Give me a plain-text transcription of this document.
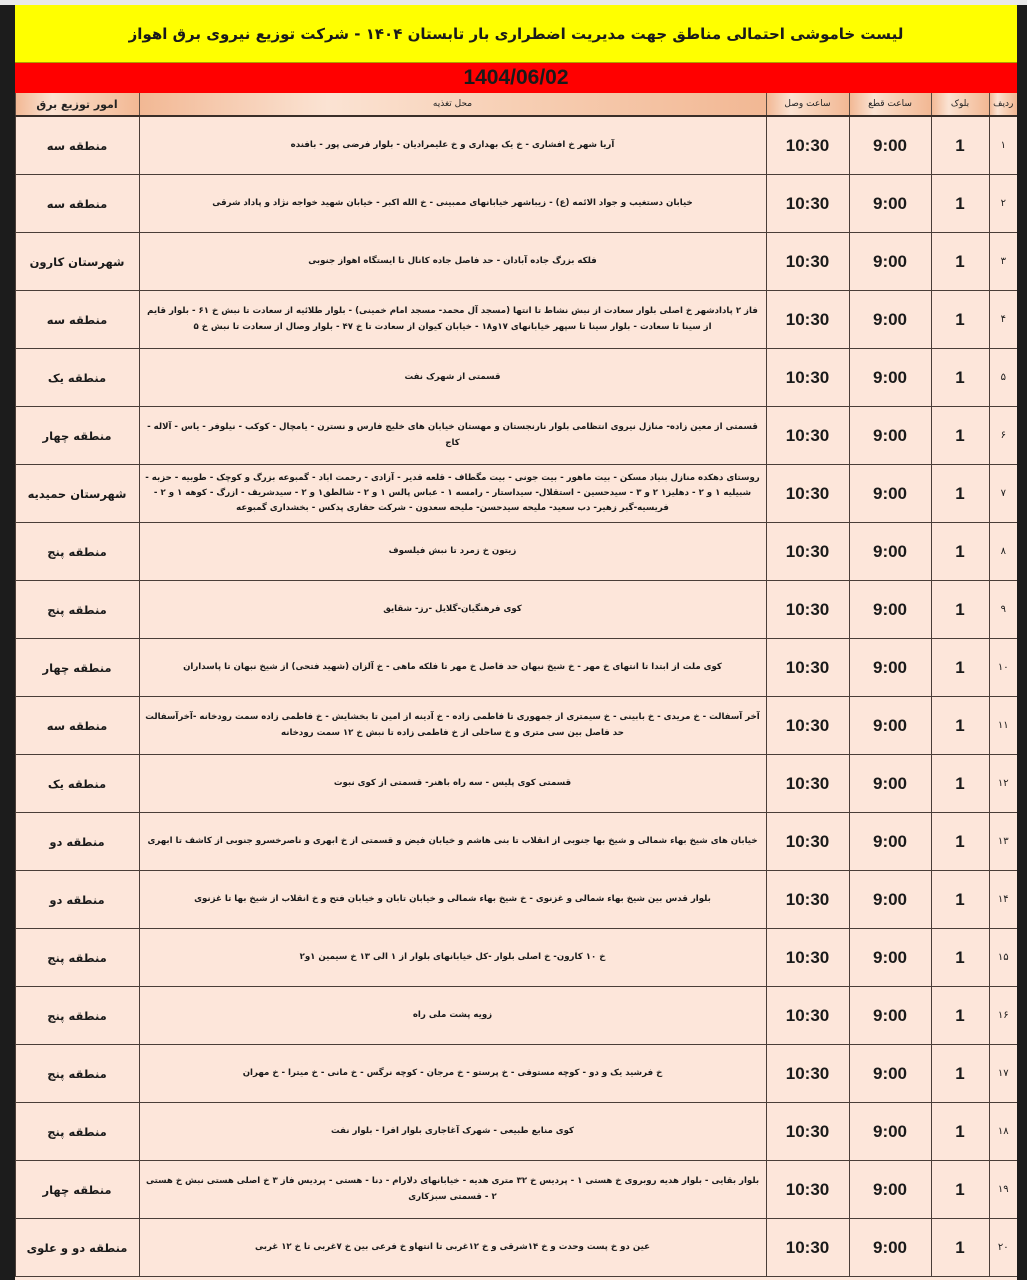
لیست خاموشی احتمالی مناطق جهت مدیریت اضطراری بار تابستان ۱۴۰۴ - شرکت توزیع نیروی برق اهواز
1404/06/02
ردیف	بلوک	ساعت قطع	ساعت وصل	محل تغذیه	امور توزیع برق
۱	1	9:00	10:30	آریا شهر خ افشاری - خ یک بهداری و خ علیمرادیان - بلوار فرضی پور - بافنده	منطقه سه
۲	1	9:00	10:30	خیابان دستغیب و جواد الائمه (ع) - زیباشهر خیابانهای ممبینی - خ الله اکبر - خیابان شهید خواجه نژاد و پاداد شرقی	منطقه سه
۳	1	9:00	10:30	فلکه بزرگ جاده آبادان - حد فاصل جاده کانال تا ایستگاه اهواز جنوبی	شهرستان کارون
۴	1	9:00	10:30	فاز ۲ پادادشهر خ اصلی بلوار سعادت از نبش نشاط تا انتها (مسجد آل محمد- مسجد امام خمینی) - بلوار طلائیه از سعادت تا نبش خ ۶۱ - بلوار قایم از سینا تا سعادت - بلوار سینا تا سپهر خیابانهای ۱۷و۱۸ - خیابان کیوان از سعادت تا خ ۴۷ - بلوار وصال از سعادت تا نبش خ ۵	منطقه سه
۵	1	9:00	10:30	قسمتی از شهرک نفت	منطقه یک
۶	1	9:00	10:30	قسمتی از معین زاده- منازل نیروی انتظامی بلوار نارنجستان و مهستان خیابان های خلیج فارس و نسترن - یامچال - کوکب - نیلوفر - یاس - آلاله - کاج	منطقه چهار
۷	1	9:00	10:30	روستای دهکده منازل بنیاد مسکن - بیت ماهور - بیت جونی - بیت مگطاف - قلعه قدیر - آزادی - رحمت اباد - گمبوعه بزرگ و کوچک - طوبیه - حزبه - شبیلیه ۱ و ۲ - دهلیز۱ ۲ و ۳ - سیدحسین - استقلال- سیداستار - رامسه ۱ - عباس پالس ۱ و ۲ - شالطق۱ و ۲ - سیدشریف - ازرگ - کوهه ۱ و ۲ - فریسیه-گبر زهیر- دب سعید- ملیحه سیدحسن- ملیحه سعدون - شرکت حفاری پدکس - بخشداری گمبوعه	شهرستان حمیدیه
۸	1	9:00	10:30	زیتون خ زمرد تا نبش فیلسوف	منطقه پنج
۹	1	9:00	10:30	کوی فرهنگیان-گلایل -رز- شقایق	منطقه پنج
۱۰	1	9:00	10:30	کوی ملت از ابتدا تا انتهای خ مهر - خ شیخ نبهان حد فاصل خ مهر تا فلکه ماهی - خ آلزان (شهید فتحی) از شیخ نبهان تا پاسداران	منطقه چهار
۱۱	1	9:00	10:30	آخر آسفالت - خ مریدی - خ بابینی - خ سیمتری از جمهوری تا فاطمی زاده - خ آدینه از امین تا بخشایش - خ فاطمی زاده سمت رودخانه -آخرآسفالت حد فاصل بین سی متری و خ ساحلی از خ فاطمی زاده تا نبش خ ۱۲ سمت رودخانه	منطقه سه
۱۲	1	9:00	10:30	قسمتی کوی پلیس - سه راه باهنر- قسمتی از کوی نبوت	منطقه یک
۱۳	1	9:00	10:30	خیابان های شیخ بهاء شمالی و شیخ بها جنوبی از انقلاب تا بنی هاشم و خیابان فیض و قسمتی از خ ابهری و ناصرخسرو جنوبی از کاشف تا ابهری	منطقه دو
۱۴	1	9:00	10:30	بلوار قدس بین شیخ بهاء شمالی و غزنوی - خ شیخ بهاء شمالی و خیابان تابان و خیابان فتح و خ انقلاب از شیخ بها تا غزنوی	منطقه دو
۱۵	1	9:00	10:30	خ ۱۰ کارون- خ اصلی بلوار -کل خیابانهای بلوار از ۱ الی ۱۳ خ سیمین ۱و۲	منطقه پنج
۱۶	1	9:00	10:30	زویه پشت ملی راه	منطقه پنج
۱۷	1	9:00	10:30	خ فرشید یک و دو - کوچه مستوفی - خ پرستو - خ مرجان - کوچه نرگس - خ مانی - خ میترا - خ مهران	منطقه پنج
۱۸	1	9:00	10:30	کوی منابع طبیعی - شهرک آغاجاری بلوار افرا - بلوار نفت	منطقه پنج
۱۹	1	9:00	10:30	بلوار بقایی - بلوار هدیه روبروی خ هستی ۱ - پردیس خ ۳۲ متری هدیه - خیابانهای دلارام - دنا - هستی - پردیس فاز ۳ خ اصلی هستی نبش خ هستی ۲ - قسمتی سبزکاری	منطقه چهار
۲۰	1	9:00	10:30	عین دو خ پست وحدت و خ ۱۴شرقی و خ ۱۲غربی تا انتهاو خ فرعی بین خ ۷غربی تا خ ۱۲ غربی	منطقه دو و علوی
